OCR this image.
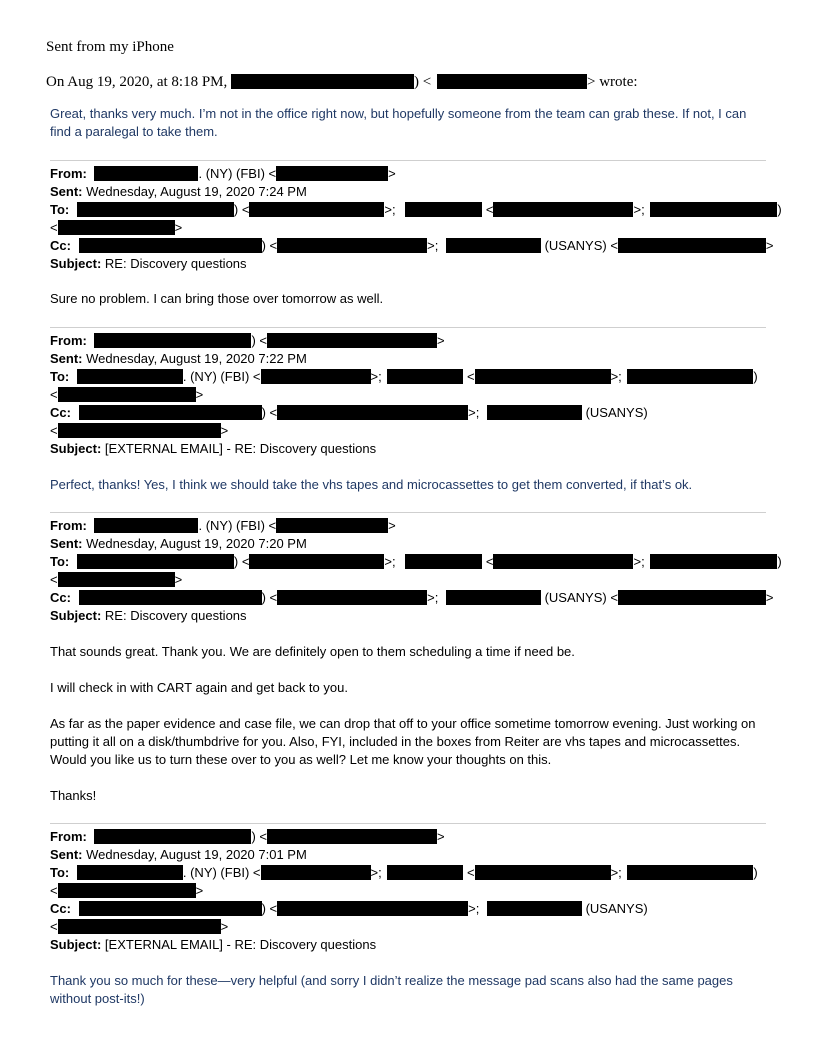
Sent from my iPhone
On Aug 19, 2020, at 8:18 PM,	) <	> wrote:
Great, thanks very much. I’m not in the office right now, but hopefully someone from the team can grab these. If not, I can find a paralegal to take them.
From:	. (NY) (FBI) <	>
Sent: Wednesday, August 19, 2020 7:24 PM
To:	) <	>;	<	>;	)
<	>
Cc:	) <	>;	(USANYS) <	>
Subject: RE: Discovery questions
Sure no problem. I can bring those over tomorrow as well.
From:	) <	>
Sent: Wednesday, August 19, 2020 7:22 PM
To:	. (NY) (FBI) <	>;	<	>;	)
<	>
Cc:	) <	>;	(USANYS)
<	>
Subject: [EXTERNAL EMAIL] - RE: Discovery questions
Perfect, thanks! Yes, I think we should take the vhs tapes and microcassettes to get them converted, if that’s ok.
From:	. (NY) (FBI) <	>
Sent: Wednesday, August 19, 2020 7:20 PM
To:	) <	>;	<	>;	)
<	>
Cc:	) <	>;	(USANYS) <	>
Subject: RE: Discovery questions
That sounds great. Thank you. We are definitely open to them scheduling a time if need be.
I will check in with CART again and get back to you.
As far as the paper evidence and case file, we can drop that off to your office sometime tomorrow evening. Just working on putting it all on a disk/thumbdrive for you. Also, FYI, included in the boxes from Reiter are vhs tapes and microcassettes. Would you like us to turn these over to you as well? Let me know your thoughts on this.
Thanks!
From:	) <	>
Sent: Wednesday, August 19, 2020 7:01 PM
To:	. (NY) (FBI) <	>;	<	>;	)
<	>
Cc:	) <	>;	(USANYS)
<	>
Subject: [EXTERNAL EMAIL] - RE: Discovery questions
Thank you so much for these—very helpful (and sorry I didn’t realize the message pad scans also had the same pages without post-its!)
